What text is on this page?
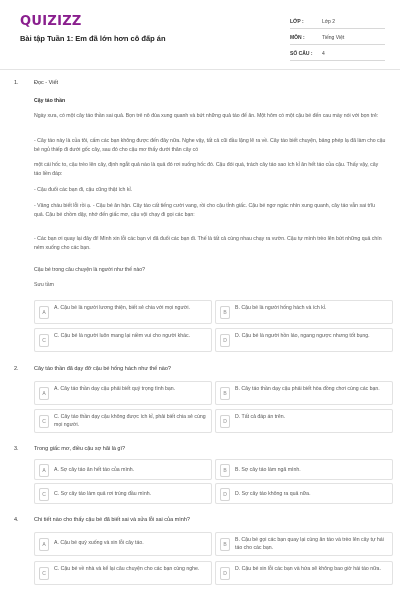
QUIZIZZ
Bài tập Tuần 1: Em đã lớn hơn cô đấp án
LỚP :	Lớp 2
MÔN :	Tiếng Việt
SỐ CÂU :	4
1.	Đọc - Viết
Cậy táo thần
Ngày xưa, có một cây táo thần sai quả. Bọn trẻ nô đùa xung quanh và bứt những quả táo để ăn. Một hôm có một cậu bé đến cau mày nói với bọn trẻ:
- Cây táo này là của tôi, cấm các bạn không được đến đây nữa. Nghe vậy, tất cả cũi đầu lặng lẽ ra về. Cây táo biết chuyện, bảng phép lạ đã làm cho cậu bé ngủ thiếp đi dưới gốc cây, sau đó cho cậu mơ thấy dưới thân cây có
một cái hốc to, cậu trèo lên cây, định ngắt quả nào là quả đó rơi xuống hốc đó. Cậu đói quá, trách cây táo sao ích kỉ ăn hết táo của cậu. Thấy vậy, cây táo liền đáp:
- Cậu đuổi các bạn đi, cậu cũng thật ích kỉ.
- Vâng cháu biết lỗi rồi ạ. - Cậu bé ân hận. Cây táo cất tiếng cười vang, rồi cho cậu tỉnh giấc. Cậu bé ngơ ngác nhìn xung quanh, cây táo vẫn sai trĩu quả. Cậu bé chồm dậy, nhớ đến giấc mơ, cậu vội chạy đi gọi các bạn:
- Các bạn ơi quay lại đây đi! Mình xin lỗi các bạn vì đã đuổi các bạn đi. Thế là tất cả cùng nhau chạy ra vườn. Cậu tự mình trèo lên bứt những quả chín ném xuống cho các bạn.
Cậu bé trong câu chuyện là người như thế nào?
Sưu tầm
A
A. Cậu bé là người lương thiện, biết sẻ chia với mọi người.
B
B. Cậu bé là người hống hách và ích kỉ.
C
C. Cậu bé là người luôn mang lại niềm vui cho người khác.
D
D. Cậu bé là người hồn láo, ngang ngược nhưng tốt bụng.
2.	Cây táo thần đã dạy đỡ cậu bé hống hách như thế nào?
A
A. Cây táo thần dạy cậu phải biết quý trọng tình bạn.
B
B. Cây táo thần dạy cậu phải biết hòa đồng chơi cùng các bạn.
C
C. Cây táo thần dạy cậu không được ích kỉ, phải biết chia sẻ cùng mọi người.	D
D. Tất cả đáp án trên.
3.	Trong giấc mơ, điều cậu sợ hãi là gì?
A	A. Sợ cây táo ăn hết táo của mình.	B	B. Sợ cây táo làm ngã mình.
C	C. Sợ cây táo làm quả rơi trúng đầu mình.	D	D. Sợ cây táo không ra quả nữa.
4.	Chi tiết nào cho thấy cậu bé đã biết sai và sửa lỗi sai của mình?
A	A. Cậu bé quỳ xuống và xin lỗi cây táo.	B
B. Cậu bé gọi các bạn quay lại cùng ăn táo và trèo lên cây tự hái táo cho các bạn.
C
C. Cậu bé về nhà và kể lại câu chuyện cho các bạn cùng nghe.
D
D. Cậu bé xin lỗi các bạn và hứa sẽ không bao giờ hái táo nữa.
